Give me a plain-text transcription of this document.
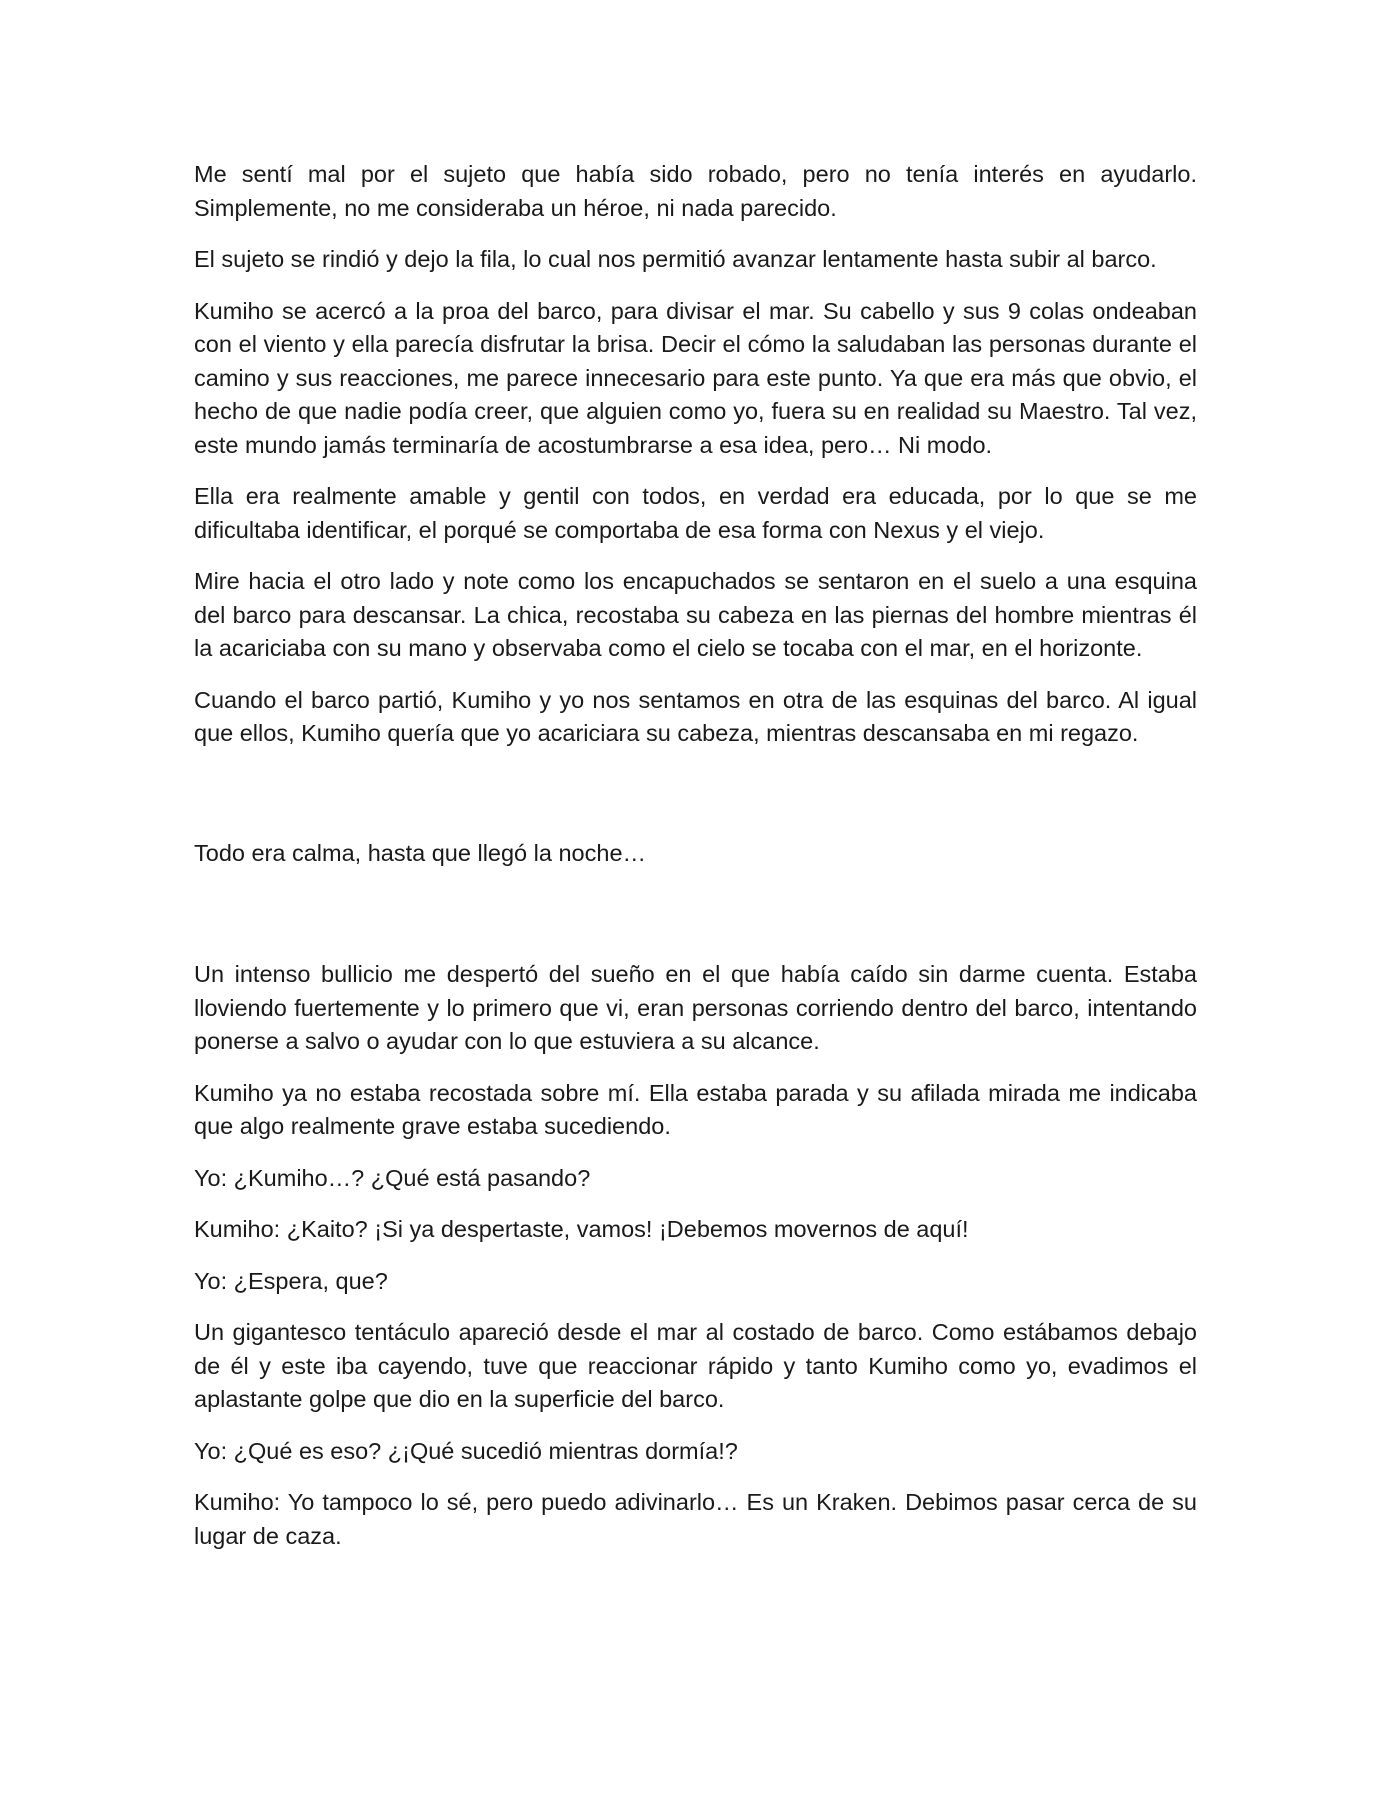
Me sentí mal por el sujeto que había sido robado, pero no tenía interés en ayudarlo. Simplemente, no me consideraba un héroe, ni nada parecido.

El sujeto se rindió y dejo la fila, lo cual nos permitió avanzar lentamente hasta subir al barco.

Kumiho se acercó a la proa del barco, para divisar el mar. Su cabello y sus 9 colas ondeaban con el viento y ella parecía disfrutar la brisa. Decir el cómo la saludaban las personas durante el camino y sus reacciones, me parece innecesario para este punto. Ya que era más que obvio, el hecho de que nadie podía creer, que alguien como yo, fuera su en realidad su Maestro. Tal vez, este mundo jamás terminaría de acostumbrarse a esa idea, pero… Ni modo.

Ella era realmente amable y gentil con todos, en verdad era educada, por lo que se me dificultaba identificar, el porqué se comportaba de esa forma con Nexus y el viejo.

Mire hacia el otro lado y note como los encapuchados se sentaron en el suelo a una esquina del barco para descansar. La chica, recostaba su cabeza en las piernas del hombre mientras él la acariciaba con su mano y observaba como el cielo se tocaba con el mar, en el horizonte.

Cuando el barco partió, Kumiho y yo nos sentamos en otra de las esquinas del barco. Al igual que ellos, Kumiho quería que yo acariciara su cabeza, mientras descansaba en mi regazo.

Todo era calma, hasta que llegó la noche…

Un intenso bullicio me despertó del sueño en el que había caído sin darme cuenta. Estaba lloviendo fuertemente y lo primero que vi, eran personas corriendo dentro del barco, intentando ponerse a salvo o ayudar con lo que estuviera a su alcance.

Kumiho ya no estaba recostada sobre mí. Ella estaba parada y su afilada mirada me indicaba que algo realmente grave estaba sucediendo.

Yo: ¿Kumiho…? ¿Qué está pasando?

Kumiho: ¿Kaito? ¡Si ya despertaste, vamos! ¡Debemos movernos de aquí!

Yo: ¿Espera, que?

Un gigantesco tentáculo apareció desde el mar al costado de barco. Como estábamos debajo de él y este iba cayendo, tuve que reaccionar rápido y tanto Kumiho como yo, evadimos el aplastante golpe que dio en la superficie del barco.

Yo: ¿Qué es eso? ¿¡Qué sucedió mientras dormía!?

Kumiho: Yo tampoco lo sé, pero puedo adivinarlo… Es un Kraken. Debimos pasar cerca de su lugar de caza.
